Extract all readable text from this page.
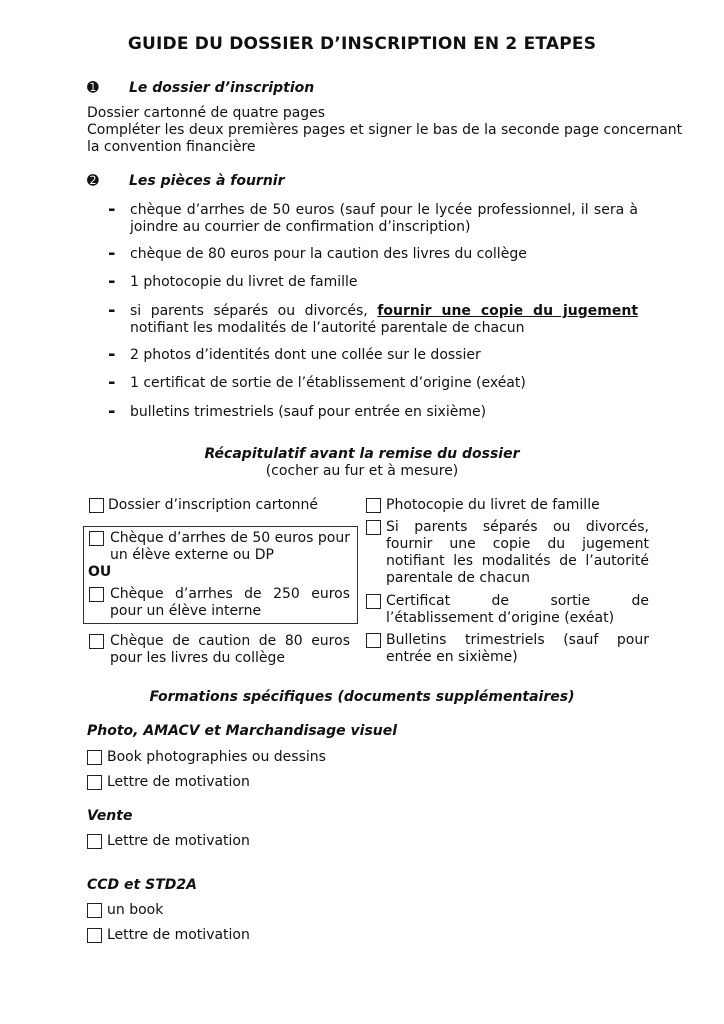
GUIDE DU DOSSIER D’INSCRIPTION EN 2 ETAPES
➊ Le dossier d’inscription
Dossier cartonné de quatre pages
Compléter les deux premières pages et signer le bas de la seconde page concernant
la convention financière
➋ Les pièces à fournir
- chèque d’arrhes de 50 euros (sauf pour le lycée professionnel, il sera à joindre au courrier de confirmation d’inscription)
- chèque de 80 euros pour la caution des livres du collège
- 1 photocopie du livret de famille
- si parents séparés ou divorcés, fournir une copie du jugement notifiant les modalités de l’autorité parentale de chacun
- 2 photos d’identités dont une collée sur le dossier
- 1 certificat de sortie de l’établissement d’origine (exéat)
- bulletins trimestriels (sauf pour entrée en sixième)
Récapitulatif avant la remise du dossier
(cocher au fur et à mesure)
Dossier d’inscription cartonné
Chèque d’arrhes de 50 euros pour un élève externe ou DP
OU
Chèque d’arrhes de 250 euros pour un élève interne
Chèque de caution de 80 euros pour les livres du collège
Photocopie du livret de famille
Si parents séparés ou divorcés, fournir une copie du jugement notifiant les modalités de l’autorité parentale de chacun
Certificat de sortie de l’établissement d’origine (exéat)
Bulletins trimestriels (sauf pour entrée en sixième)
Formations spécifiques (documents supplémentaires)
Photo, AMACV et Marchandisage visuel
Book photographies ou dessins
Lettre de motivation
Vente
Lettre de motivation
CCD et STD2A
un book
Lettre de motivation
